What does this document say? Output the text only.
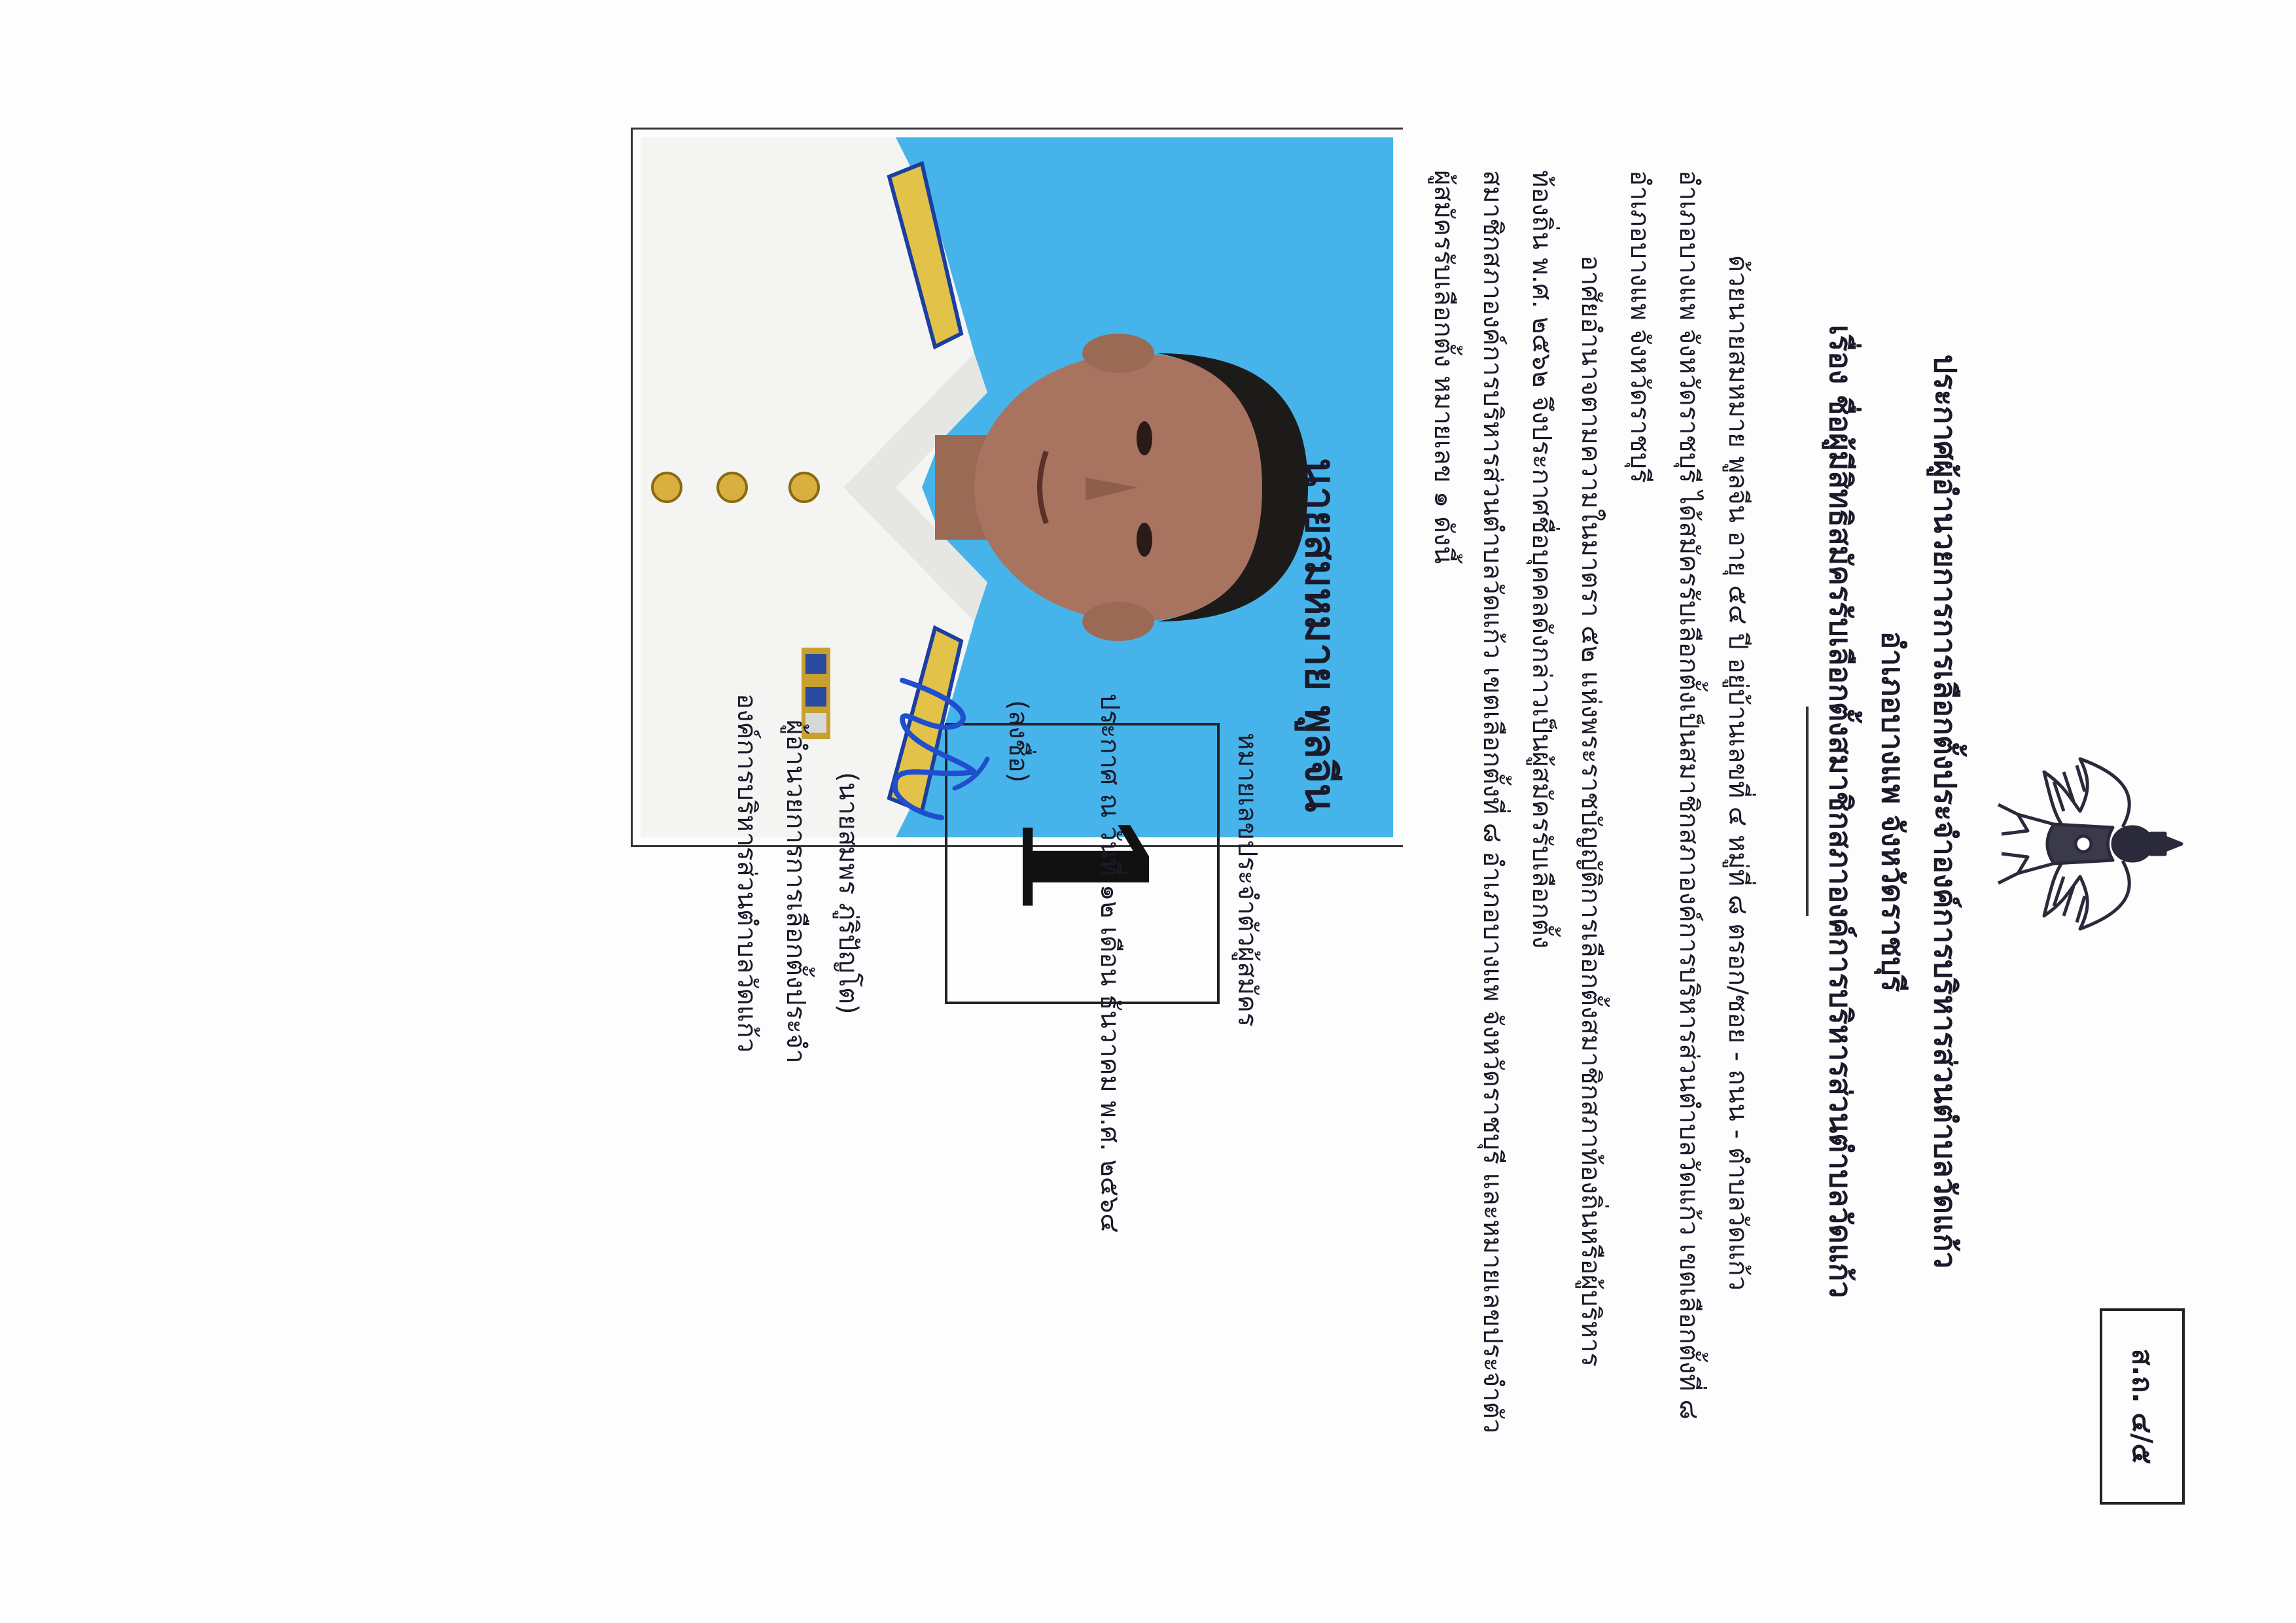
ส.ถ. ๔/๕
ประกาศผู้อำนวยการการเลือกตั้งประจำองค์การบริหารส่วนตำบลวัดแก้ว
อำเภอบางแพ จังหวัดราชบุรี
เรื่อง ชื่อผู้มีสิทธิสมัครรับเลือกตั้งสมาชิกสภาองค์การบริหารส่วนตำบลวัดแก้ว
ด้วยนายสมหมาย พูลจีน อายุ ๕๔ ปี อยู่บ้านเลขที่ ๔ หมู่ที่ ๘ ตรอก/ซอย - ถนน - ตำบลวัดแก้ว
อำเภอบางแพ จังหวัดราชบุรี ได้สมัครรับเลือกตั้งเป็นสมาชิกสภาองค์การบริหารส่วนตำบลวัดแก้ว เขตเลือกตั้งที่ ๘
อำเภอบางแพ จังหวัดราชบุรี
อาศัยอำนาจตามความในมาตรา ๕๒ แห่งพระราชบัญญัติการเลือกตั้งสมาชิกสภาท้องถิ่นหรือผู้บริหาร
ท้องถิ่น พ.ศ. ๒๕๖๒ จึงประกาศชื่อบุคคลดังกล่าวเป็นผู้สมัครรับเลือกตั้ง
สมาชิกสภาองค์การบริหารส่วนตำบลวัดแก้ว เขตเลือกตั้งที่ ๘ อำเภอบางแพ จังหวัดราชบุรี และหมายเลขประจำตัว
ผู้สมัครรับเลือกตั้ง หมายเลข ๑ ดังนี้
นายสมหมาย พูลจีน
1 หมายเลขประจำตัวผู้สมัคร
ประกาศ ณ วันที่ ๑๒ เดือน ธันวาคม พ.ศ. ๒๕๖๔
(ลงชื่อ)
(นายสมพร ภู่ริปัญโต)
ผู้อำนวยการการเลือกตั้งประจำ
องค์การบริหารส่วนตำบลวัดแก้ว
